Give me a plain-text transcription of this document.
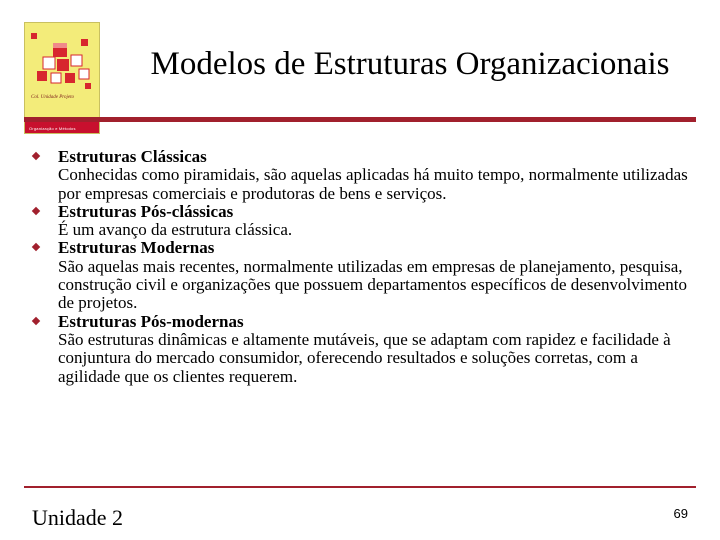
Col. Unidade Projeto
Organização e Métodos
Modelos de Estruturas Organizacionais
Estruturas Clássicas
Conhecidas como piramidais, são aquelas aplicadas há muito tempo, normalmente utilizadas por empresas comerciais e produtoras de bens e serviços.
Estruturas Pós-clássicas
É um avanço da estrutura clássica.
Estruturas Modernas
São aquelas mais recentes, normalmente utilizadas em empresas de planejamento, pesquisa, construção civil e organizações que possuem departamentos específicos de desenvolvimento de projetos.
Estruturas Pós-modernas
São estruturas dinâmicas e altamente mutáveis, que se adaptam com rapidez e facilidade à conjuntura do mercado consumidor, oferecendo resultados e soluções corretas, com a agilidade que os clientes requerem.
Unidade 2	69
